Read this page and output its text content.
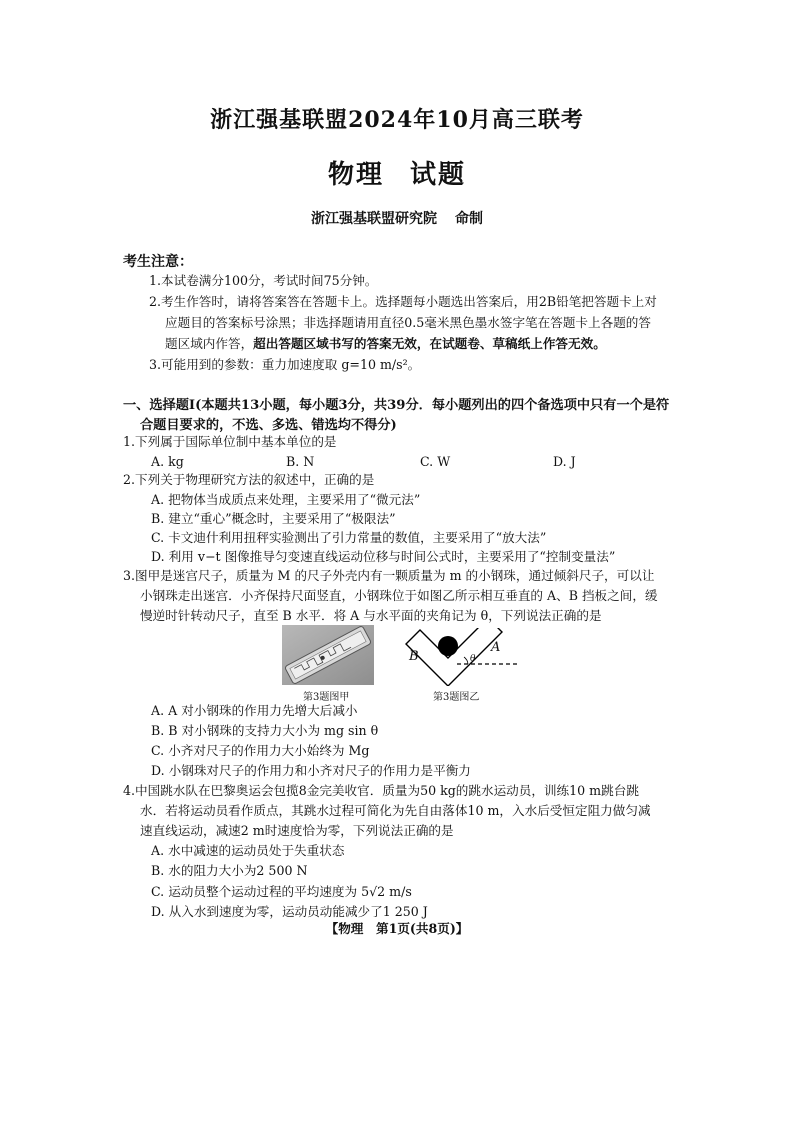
浙江强基联盟2024年10月高三联考
物理 试题
浙江强基联盟研究院 命制
考生注意：
1.本试卷满分100分，考试时间75分钟。
2.考生作答时，请将答案答在答题卡上。选择题每小题选出答案后，用2B铅笔把答题卡上对
应题目的答案标号涂黑；非选择题请用直径0.5毫米黑色墨水签字笔在答题卡上各题的答
题区域内作答，超出答题区域书写的答案无效，在试题卷、草稿纸上作答无效。
3.可能用到的参数：重力加速度取 g=10 m/s²。
一、选择题Ⅰ(本题共13小题，每小题3分，共39分．每小题列出的四个备选项中只有一个是符
合题目要求的，不选、多选、错选均不得分)
1.下列属于国际单位制中基本单位的是
A. kg	B. N	C. W	D. J
2.下列关于物理研究方法的叙述中，正确的是
A. 把物体当成质点来处理，主要采用了“微元法”
B. 建立“重心”概念时，主要采用了“极限法”
C. 卡文迪什利用扭秤实验测出了引力常量的数值，主要采用了“放大法”
D. 利用 v−t 图像推导匀变速直线运动位移与时间公式时，主要采用了“控制变量法”
3.图甲是迷宫尺子，质量为 M 的尺子外壳内有一颗质量为 m 的小钢珠，通过倾斜尺子，可以让
小钢珠走出迷宫．小齐保持尺面竖直，小钢珠位于如图乙所示相互垂直的 A、B 挡板之间，缓
慢逆时针转动尺子，直至 B 水平．将 A 与水平面的夹角记为 θ，下列说法正确的是
第3题图甲
B
A
θ
第3题图乙
A. A 对小钢珠的作用力先增大后减小
B. B 对小钢珠的支持力大小为 mg sin θ
C. 小齐对尺子的作用力大小始终为 Mg
D. 小钢珠对尺子的作用力和小齐对尺子的作用力是平衡力
4.中国跳水队在巴黎奥运会包揽8金完美收官．质量为50 kg的跳水运动员，训练10 m跳台跳
水．若将运动员看作质点，其跳水过程可简化为先自由落体10 m，入水后受恒定阻力做匀减
速直线运动，减速2 m时速度恰为零，下列说法正确的是
A. 水中减速的运动员处于失重状态
B. 水的阻力大小为2 500 N
C. 运动员整个运动过程的平均速度为 5√2 m/s
D. 从入水到速度为零，运动员动能减少了1 250 J
【物理　第1页(共8页)】
